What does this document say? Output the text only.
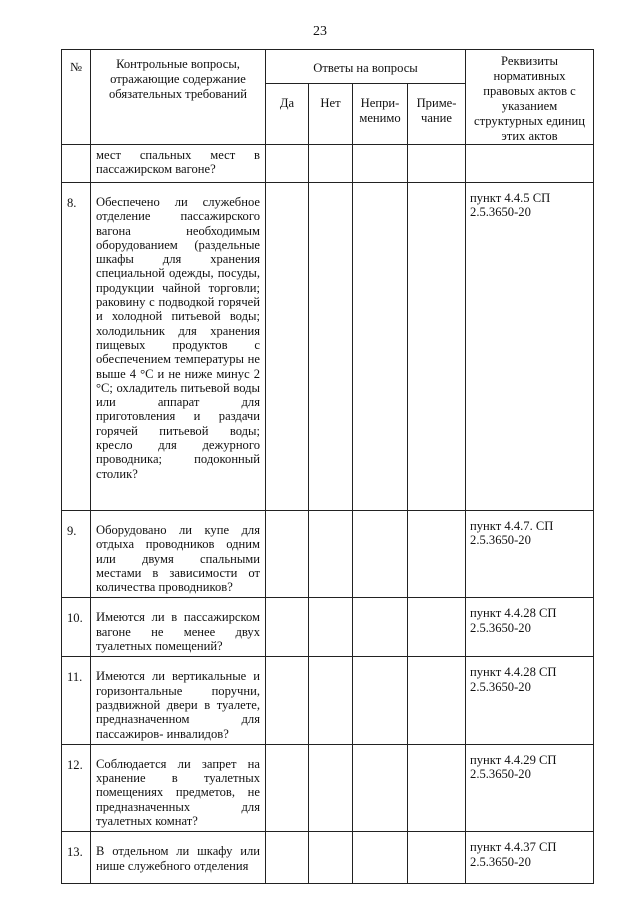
23
№	Контрольные вопросы, отражающие содержание обязательных требований	Ответы на вопросы				Реквизиты нормативных правовых актов с указанием структурных единиц этих актов
		Да	Нет	Непри-менимо	Приме-чание	
	мест спальных мест в пассажирском вагоне?					
8.	Обеспечено ли служебное отделение пассажирского вагона необходимым оборудованием (раздельные шкафы для хранения специальной одежды, посуды, продукции чайной торговли; раковину с подводкой горячей и холодной питьевой воды; холодильник для хранения пищевых продуктов с обеспечением температуры не выше 4 °С и не ниже минус 2 °С; охладитель питьевой воды или аппарат для приготовления и раздачи горячей питьевой воды; кресло для дежурного проводника; подоконный столик?					пункт 4.4.5 СП 2.5.3650-20
9.	Оборудовано ли купе для отдыха проводников одним или двумя спальными местами в зависимости от количества проводников?					пункт 4.4.7. СП 2.5.3650-20
10.	Имеются ли в пассажирском вагоне не менее двух туалетных помещений?					пункт 4.4.28 СП 2.5.3650-20
11.	Имеются ли вертикальные и горизонтальные поручни, раздвижной двери в туалете, предназначенном для пассажиров- инвалидов?					пункт 4.4.28 СП 2.5.3650-20
12.	Соблюдается ли запрет на хранение в туалетных помещениях предметов, не предназначенных для туалетных комнат?					пункт 4.4.29 СП 2.5.3650-20
13.	В отдельном ли шкафу или нише служебного отделения					пункт 4.4.37 СП 2.5.3650-20
